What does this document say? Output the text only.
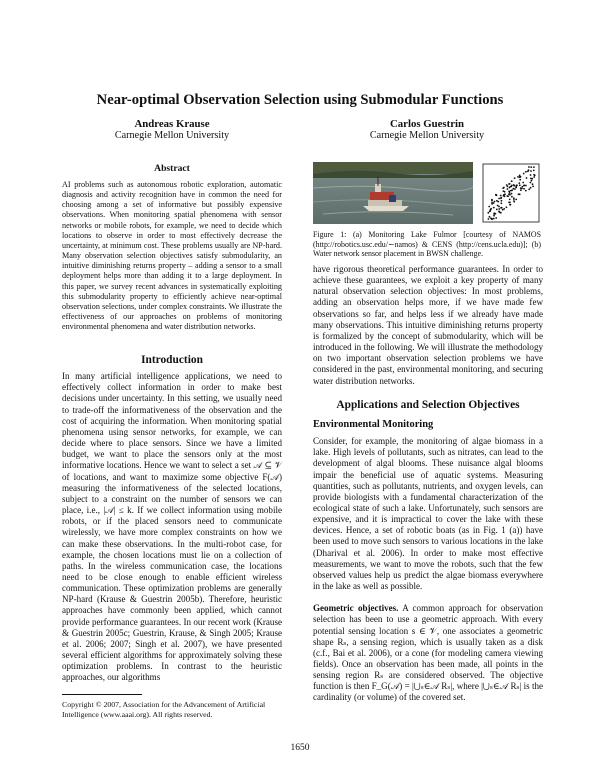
Near-optimal Observation Selection using Submodular Functions
Andreas Krause
Carnegie Mellon University
Carlos Guestrin
Carnegie Mellon University
Abstract
AI problems such as autonomous robotic exploration, automatic diagnosis and activity recognition have in common the need for choosing among a set of informative but possibly expensive observations. When monitoring spatial phenomena with sensor networks or mobile robots, for example, we need to decide which locations to observe in order to most effectively decrease the uncertainty, at minimum cost. These problems usually are NP-hard. Many observation selection objectives satisfy submodularity, an intuitive diminishing returns property – adding a sensor to a small deployment helps more than adding it to a large deployment. In this paper, we survey recent advances in systematically exploiting this submodularity property to efficiently achieve near-optimal observation selections, under complex constraints. We illustrate the effectiveness of our approaches on problems of monitoring environmental phenomena and water distribution networks.

Introduction

In many artificial intelligence applications, we need to effectively collect information in order to make best decisions under uncertainty. In this setting, we usually need to trade-off the informativeness of the observation and the cost of acquiring the information. When monitoring spatial phenomena using sensor networks, for example, we can decide where to place sensors. Since we have a limited budget, we want to place the sensors only at the most informative locations. Hence we want to select a set 𝒜 ⊆ 𝒱 of locations, and want to maximize some objective F(𝒜) measuring the informativeness of the selected locations, subject to a constraint on the number of sensors we can place, i.e., |𝒜| ≤ k. If we collect information using mobile robots, or if the placed sensors need to communicate wirelessly, we have more complex constraints on how we can make these observations. In the multi-robot case, for example, the chosen locations must lie on a collection of paths. In the wireless communication case, the locations need to be close enough to enable efficient wireless communication. These optimization problems are generally NP-hard (Krause & Guestrin 2005b). Therefore, heuristic approaches have commonly been applied, which cannot provide performance guarantees. In our recent work (Krause & Guestrin 2005c; Guestrin, Krause, & Singh 2005; Krause et al. 2006; 2007; Singh et al. 2007), we have presented several efficient algorithms for approximately solving these optimization problems. In contrast to the heuristic approaches, our algorithms

Copyright © 2007, Association for the Advancement of Artificial Intelligence (www.aaai.org). All rights reserved.
Figure 1: (a) Monitoring Lake Fulmor [courtesy of NAMOS (http://robotics.usc.edu/∼namos) & CENS (http://cens.ucla.edu)]; (b) Water network sensor placement in BWSN challenge.

have rigorous theoretical performance guarantees. In order to achieve these guarantees, we exploit a key property of many natural observation selection objectives: In most problems, adding an observation helps more, if we have made few observations so far, and helps less if we already have made many observations. This intuitive diminishing returns property is formalized by the concept of submodularity, which will be introduced in the following. We will illustrate the methodology on two important observation selection problems we have considered in the past, environmental monitoring, and securing water distribution networks.

Applications and Selection Objectives

Environmental Monitoring

Consider, for example, the monitoring of algae biomass in a lake. High levels of pollutants, such as nitrates, can lead to the development of algal blooms. These nuisance algal blooms impair the beneficial use of aquatic systems. Measuring quantities, such as pollutants, nutrients, and oxygen levels, can provide biologists with a fundamental characterization of the ecological state of such a lake. Unfortunately, such sensors are expensive, and it is impractical to cover the lake with these devices. Hence, a set of robotic boats (as in Fig. 1 (a)) have been used to move such sensors to various locations in the lake (Dharival et al. 2006). In order to make most effective measurements, we want to move the robots, such that the few observed values help us predict the algae biomass everywhere in the lake as well as possible.

Geometric objectives. A common approach for observation selection has been to use a geometric approach. With every potential sensing location s ∈ 𝒱, one associates a geometric shape Rₛ, a sensing region, which is usually taken as a disk (c.f., Bai et al. 2006), or a cone (for modeling camera viewing fields). Once an observation has been made, all points in the sensing region Rₛ are considered observed. The objective function is then F_G(𝒜) = |⋃ₛ∈𝒜 Rₛ|, where |⋃ₛ∈𝒜 Rₛ| is the cardinality (or volume) of the covered set.

1650
